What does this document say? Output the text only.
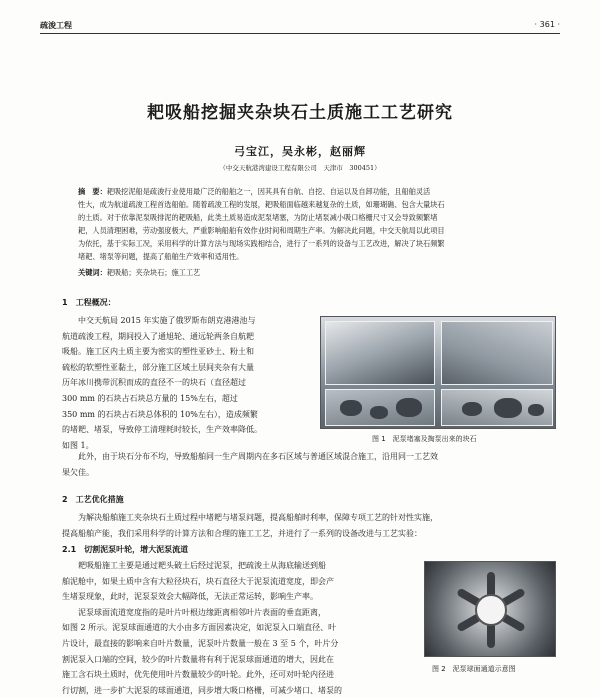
疏浚工程	· 361 ·
耙吸船挖掘夹杂块石土质施工工艺研究
弓宝江，吴永彬，赵丽辉
（中交天航港湾建设工程有限公司　天津市　300451）
摘　要：耙吸挖泥船是疏浚行业使用最广泛的船舶之一，因其具有自航、自挖、自运以及自卸功能，且船舶灵活
性大，成为航道疏浚工程首选船舶。随着疏浚工程的发展，耙吸船面临越来越复杂的土质，如珊瑚礁、包含大量块石
的土质。对于依靠泥泵吸排泥的耙吸船，此类土质易造成泥泵堵塞，为防止堵泵减小吸口格栅尺寸又会导致频繁堵
耙，人员清理困难，劳动强度极大，严重影响船舶有效作业时间和周期生产率。为解决此问题，中交天航局以此项目
为依托，基于实际工况，采用科学的计算方法与现场实践相结合，进行了一系列的设备与工艺改进，解决了块石频繁
堵耙、堵泵等问题，提高了船舶生产效率和适用性。
关键词：耙吸船；夹杂块石；施工工艺
1　工程概况：
中交天航局 2015 年实施了俄罗斯布朗克港港池与
航道疏浚工程，期间投入了通旭轮、通远轮两条自航耙
吸船。施工区内土质主要为密实的塑性亚砂土、粉土和
硫松的软塑性亚黏土，部分施工区域土层间夹杂有大量
历年冰川携带沉积而成的直径不一的块石（直径超过
300 mm 的石块占石块总方量的 15%左右，超过
350 mm 的石块占石块总体积的 10%左右），造成频繁
的堵耙、堵泵，导致停工清理耗时较长，生产效率降低。
如图 1。
图 1　泥泵堵塞及掏泵出来的块石
此外，由于块石分布不均，导致船舶同一生产周期内在多石区域与普通区域混合施工，沿用同一工艺效
果欠佳。
2　工艺优化措施
为解决船舶施工夹杂块石土质过程中堵耙与堵泵问题，提高船舶时利率，保障专项工艺的针对性实施，
提高船舶产能，我们采用科学的计算方法和合理的施工工艺，并进行了一系列的设备改进与工艺实验：
2.1　切割泥泵叶轮，增大泥泵流道
耙吸船施工主要是通过耙头破土后经过泥泵，把疏浚土从海底输送到船
舶泥舱中，如果土质中含有大粒径块石，块石直径大于泥泵流道宽度，即会产
生堵泵现象，此时，泥泵泵效会大幅降低，无法正常运转，影响生产率。
泥泵球面流道宽度指的是叶片叶根边缘距离相邻叶片表面的垂直距离，
如图 2 所示。泥泵球面通道的大小由多方面因素决定，如泥泵入口端直径、叶
片设计，最直接的影响来自叶片数量，泥泵叶片数量一般在 3 至 5 个，叶片分
割泥泵入口端的空间，较少的叶片数量将有利于泥泵球面通道的增大，因此在
施工含石块土质时，优先使用叶片数量较少的叶轮。此外，还可对叶轮内径进
行切割，进一步扩大泥泵的球面通道，同步增大吸口格栅，可减少堵口、堵泵的
图 2　泥泵球面通道示意图
